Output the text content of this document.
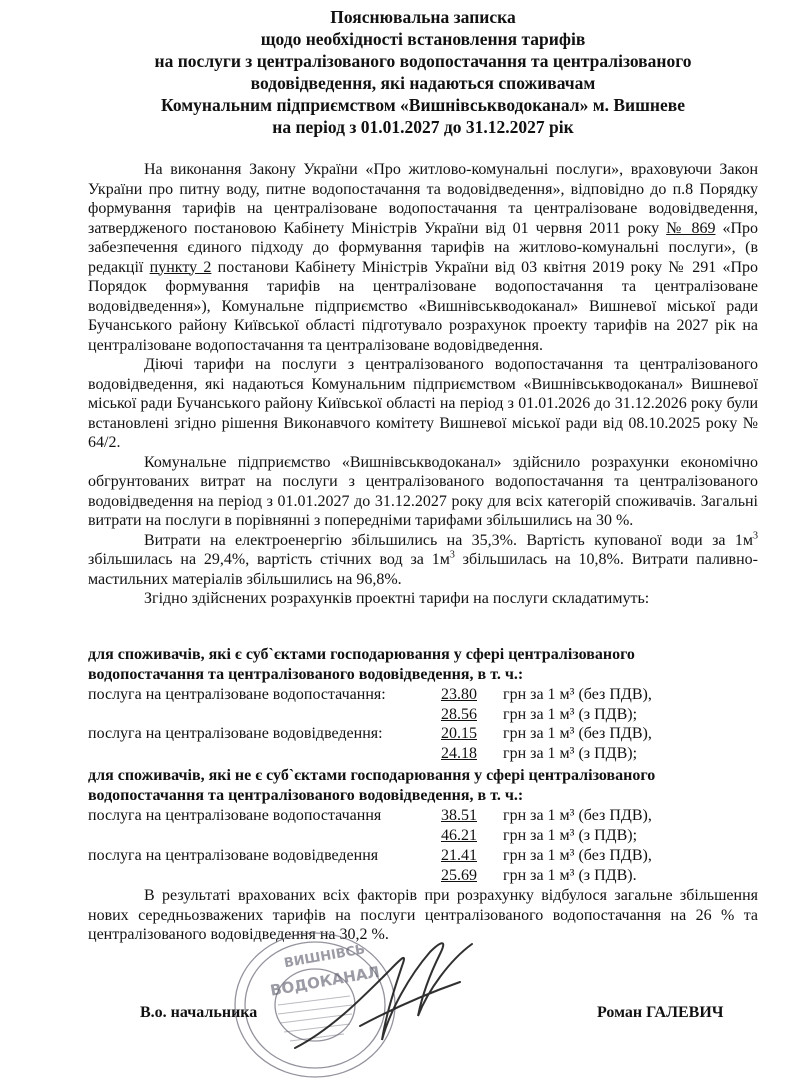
Пояснювальна записка
щодо необхідності встановлення тарифів
на послуги з централізованого водопостачання та централізованого
водовідведення, які надаються споживачам
Комунальним підприємством «Вишнівськводоканал» м. Вишневе
на період з 01.01.2027 до 31.12.2027 рік

На виконання Закону України «Про житлово-комунальні послуги», враховуючи Закон України про питну воду, питне водопостачання та водовідведення», відповідно до п.8 Порядку формування тарифів на централізоване водопостачання та централізоване водовідведення, затвердженого постановою Кабінету Міністрів України від 01 червня 2011 року № 869 «Про забезпечення єдиного підходу до формування тарифів на житлово-комунальні послуги», (в редакції пункту 2 постанови Кабінету Міністрів України від 03 квітня 2019 року № 291 «Про Порядок формування тарифів на централізоване водопостачання та централізоване водовідведення»), Комунальне підприємство «Вишнівськводоканал» Вишневої міської ради Бучанського району Київської області підготувало розрахунок проекту тарифів на 2027 рік на централізоване водопостачання та централізоване водовідведення.

Діючі тарифи на послуги з централізованого водопостачання та централізованого водовідведення, які надаються Комунальним підприємством «Вишнівськводоканал» Вишневої міської ради Бучанського району Київської області на період з 01.01.2026 до 31.12.2026 року були встановлені згідно рішення Виконавчого комітету Вишневої міської ради від 08.10.2025 року № 64/2.

Комунальне підприємство «Вишнівськводоканал» здійснило розрахунки економічно обгрунтованих витрат на послуги з централізованого водопостачання та централізованого водовідведення на період з 01.01.2027 до 31.12.2027 року для всіх категорій споживачів. Загальні витрати на послуги в порівнянні з попередніми тарифами збільшились на 30 %.

Витрати на електроенергію збільшились на 35,3%. Вартість купованої води за $1м^3$ збільшилась на 29,4%, вартість стічних вод за $1м^3$ збільшилась на 10,8%. Витрати паливно-мастильних матеріалів збільшились на 96,8%.

Згідно здійснених розрахунків проектні тарифи на послуги складатимуть:

для споживачів, які є суб`єктами господарювання у сфері централізованого
водопостачання та централізованого водовідведення, в т. ч.:
послуга на централізоване водопостачання:	23.80 грн за 1 м³ (без ПДВ),
28.56 грн за 1 м³ (з ПДВ);
послуга на централізоване водовідведення:	20.15 грн за 1 м³ (без ПДВ),
24.18 грн за 1 м³ (з ПДВ);
для споживачів, які не є суб`єктами господарювання у сфері централізованого
водопостачання та централізованого водовідведення, в т. ч.:
послуга на централізоване водопостачання	38.51 грн за 1 м³ (без ПДВ),
46.21 грн за 1 м³ (з ПДВ);
послуга на централізоване водовідведення	21.41 грн за 1 м³ (без ПДВ),
25.69 грн за 1 м³ (з ПДВ).

В результаті врахованих всіх факторів при розрахунку відбулося загальне збільшення нових середньозважених тарифів на послуги централізованого водопостачання на 26 % та централізованого водовідведення на 30,2 %.

ВИШНІВСЬ
ВОДОКАНАЛ
В.о. начальника	Роман ГАЛЕВИЧ
